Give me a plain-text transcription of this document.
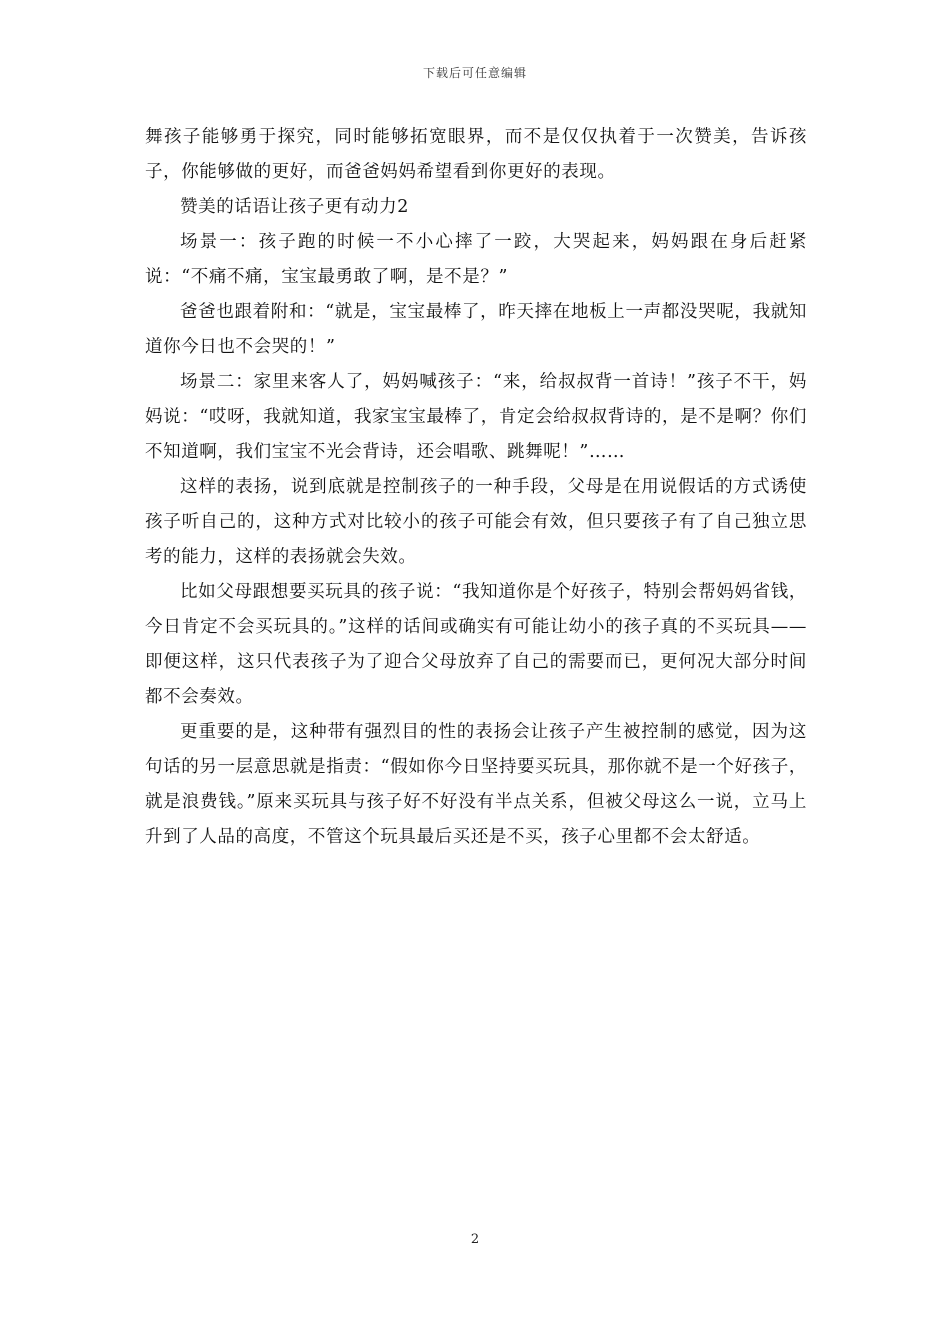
下载后可任意编辑

舞孩子能够勇于探究，同时能够拓宽眼界，而不是仅仅执着于一次赞美，告诉孩子，你能够做的更好，而爸爸妈妈希望看到你更好的表现。

赞美的话语让孩子更有动力2

场景一：孩子跑的时候一不小心摔了一跤，大哭起来，妈妈跟在身后赶紧说：“不痛不痛，宝宝最勇敢了啊，是不是？”

爸爸也跟着附和：“就是，宝宝最棒了，昨天摔在地板上一声都没哭呢，我就知道你今日也不会哭的！”

场景二：家里来客人了，妈妈喊孩子：“来，给叔叔背一首诗！”孩子不干，妈妈说：“哎呀，我就知道，我家宝宝最棒了，肯定会给叔叔背诗的，是不是啊？你们不知道啊，我们宝宝不光会背诗，还会唱歌、跳舞呢！”……

这样的表扬，说到底就是控制孩子的一种手段，父母是在用说假话的方式诱使孩子听自己的，这种方式对比较小的孩子可能会有效，但只要孩子有了自己独立思考的能力，这样的表扬就会失效。

比如父母跟想要买玩具的孩子说：“我知道你是个好孩子，特别会帮妈妈省钱，今日肯定不会买玩具的。”这样的话间或确实有可能让幼小的孩子真的不买玩具——即便这样，这只代表孩子为了迎合父母放弃了自己的需要而已，更何况大部分时间都不会奏效。

更重要的是，这种带有强烈目的性的表扬会让孩子产生被控制的感觉，因为这句话的另一层意思就是指责：“假如你今日坚持要买玩具，那你就不是一个好孩子，就是浪费钱。”原来买玩具与孩子好不好没有半点关系，但被父母这么一说，立马上升到了人品的高度，不管这个玩具最后买还是不买，孩子心里都不会太舒适。

2
